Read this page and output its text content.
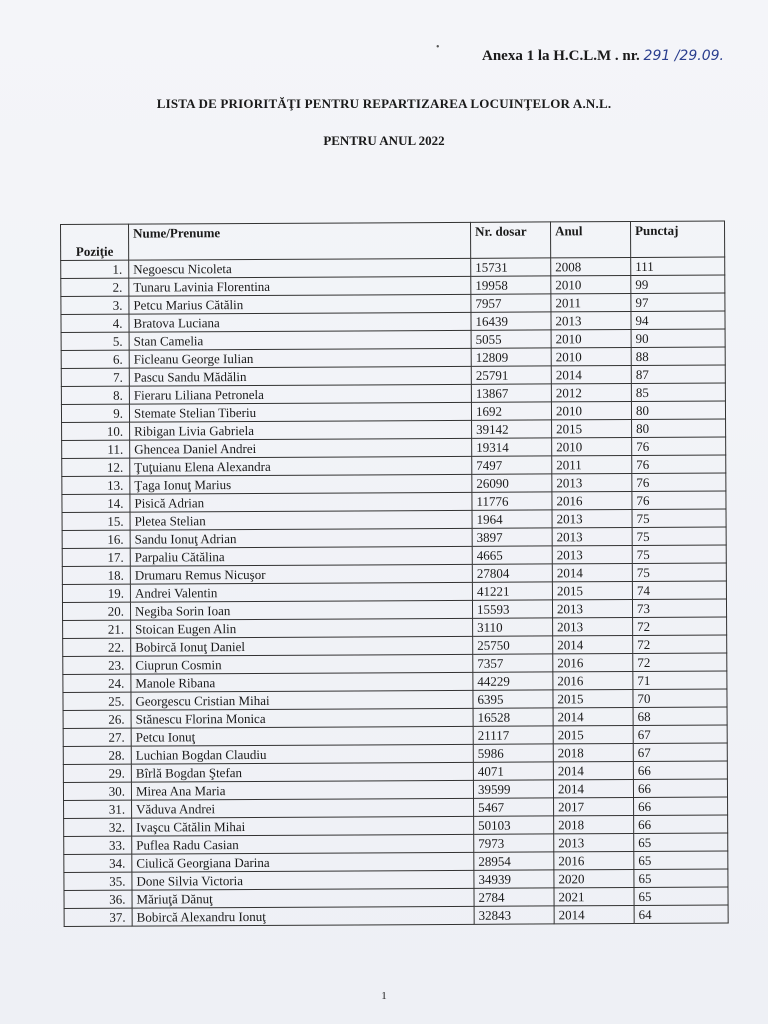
•
Anexa 1 la H.C.L.M . nr. 291 /29.09.
LISTA DE PRIORITĂŢI PENTRU REPARTIZAREA LOCUINŢELOR A.N.L.
PENTRU ANUL 2022
Poziţie	Nume/Prenume	Nr. dosar	Anul	Punctaj
1.	Negoescu Nicoleta	15731	2008	111
2.	Tunaru Lavinia Florentina	19958	2010	99
3.	Petcu Marius Cătălin	7957	2011	97
4.	Bratova Luciana	16439	2013	94
5.	Stan Camelia	5055	2010	90
6.	Ficleanu George Iulian	12809	2010	88
7.	Pascu Sandu Mădălin	25791	2014	87
8.	Fieraru Liliana Petronela	13867	2012	85
9.	Stemate Stelian Tiberiu	1692	2010	80
10.	Ribigan Livia Gabriela	39142	2015	80
11.	Ghencea Daniel Andrei	19314	2010	76
12.	Ţuţuianu Elena Alexandra	7497	2011	76
13.	Ţaga Ionuţ Marius	26090	2013	76
14.	Pisică Adrian	11776	2016	76
15.	Pletea Stelian	1964	2013	75
16.	Sandu Ionuţ Adrian	3897	2013	75
17.	Parpaliu Cătălina	4665	2013	75
18.	Drumaru Remus Nicuşor	27804	2014	75
19.	Andrei Valentin	41221	2015	74
20.	Negiba Sorin Ioan	15593	2013	73
21.	Stoican Eugen Alin	3110	2013	72
22.	Bobircă Ionuţ Daniel	25750	2014	72
23.	Ciuprun Cosmin	7357	2016	72
24.	Manole Ribana	44229	2016	71
25.	Georgescu Cristian Mihai	6395	2015	70
26.	Stănescu Florina Monica	16528	2014	68
27.	Petcu Ionuţ	21117	2015	67
28.	Luchian Bogdan Claudiu	5986	2018	67
29.	Bîrlă Bogdan Ştefan	4071	2014	66
30.	Mirea Ana Maria	39599	2014	66
31.	Văduva Andrei	5467	2017	66
32.	Ivaşcu Cătălin Mihai	50103	2018	66
33.	Puflea Radu Casian	7973	2013	65
34.	Ciulică Georgiana Darina	28954	2016	65
35.	Done Silvia Victoria	34939	2020	65
36.	Măriuţă Dănuţ	2784	2021	65
37.	Bobircă Alexandru Ionuţ	32843	2014	64
1
